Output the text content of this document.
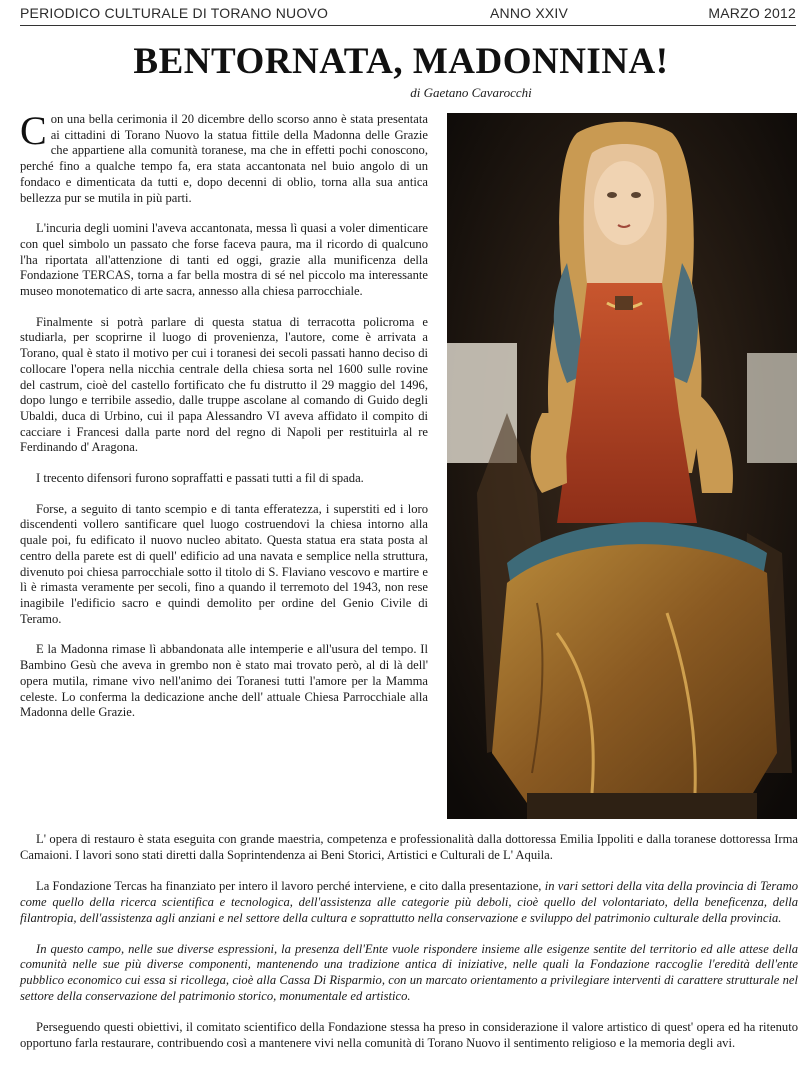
PERIODICO CULTURALE DI TORANO NUOVO	ANNO XXIV	MARZO 2012
BENTORNATA, MADONNINA!
di Gaetano Cavarocchi

Con una bella cerimonia il 20 dicembre dello scorso anno è stata presentata ai cittadini di Torano Nuovo la statua fittile della Madonna delle Grazie che appartiene alla comunità toranese, ma che in effetti pochi conoscono, perché fino a qualche tempo fa, era stata accantonata nel buio angolo di un fondaco e dimenticata da tutti e, dopo decenni di oblio, torna alla sua antica bellezza pur se mutila in più parti.

L'incuria degli uomini l'aveva accantonata, messa lì quasi a voler dimenticare con quel simbolo un passato che forse faceva paura, ma il ricordo di qualcuno l'ha riportata all'attenzione di tanti ed oggi, grazie alla munificenza della Fondazione TERCAS, torna a far bella mostra di sé nel piccolo ma interessante museo monotematico di arte sacra, annesso alla chiesa parrocchiale.

Finalmente si potrà parlare di questa statua di terracotta policroma e studiarla, per scoprirne il luogo di provenienza, l'autore, come è arrivata a Torano, qual è stato il motivo per cui i toranesi dei secoli passati hanno deciso di collocare l'opera nella nicchia centrale della chiesa sorta nel 1600 sulle rovine del castrum, cioè del castello fortificato che fu distrutto il 29 maggio del 1496, dopo lungo e terribile assedio, dalle truppe ascolane al comando di Guido degli Ubaldi, duca di Urbino, cui il papa Alessandro VI aveva affidato il compito di cacciare i Francesi dalla parte nord del regno di Napoli per restituirla al re Ferdinando d' Aragona.

I trecento difensori furono sopraffatti e passati tutti a fil di spada.

Forse, a seguito di tanto scempio e di tanta efferatezza, i superstiti ed i loro discendenti vollero santificare quel luogo costruendovi la chiesa intorno alla quale poi, fu edificato il nuovo nucleo abitato. Questa statua era stata posta al centro della parete est di quell' edificio ad una navata e semplice nella struttura, divenuto poi chiesa parrocchiale sotto il titolo di S. Flaviano vescovo e martire e lì è rimasta veramente per secoli, fino a quando il terremoto del 1943, non rese inagibile l'edificio sacro e quindi demolito per ordine del Genio Civile di Teramo.

E la Madonna rimase lì abbandonata alle intemperie e all'usura del tempo. Il Bambino Gesù che aveva in grembo non è stato mai trovato però, al di là dell' opera mutila, rimane vivo nell'animo dei Toranesi tutti l'amore per la Mamma celeste. Lo conferma la dedicazione anche dell' attuale Chiesa Parrocchiale alla Madonna delle Grazie.

L' opera di restauro è stata eseguita con grande maestria, competenza e professionalità dalla dottoressa Emilia Ippoliti e dalla toranese dottoressa Irma Camaioni. I lavori sono stati diretti dalla Soprintendenza ai Beni Storici, Artistici e Culturali de L' Aquila.

La Fondazione Tercas ha finanziato per intero il lavoro perché interviene, e cito dalla presentazione, in vari settori della vita della provincia di Teramo come quello della ricerca scientifica e tecnologica, dell'assistenza alle categorie più deboli, cioè quello del volontariato, della beneficenza, della filantropia, dell'assistenza agli anziani e nel settore della cultura e soprattutto nella conservazione e sviluppo del patrimonio culturale della provincia.

In questo campo, nelle sue diverse espressioni, la presenza dell'Ente vuole rispondere insieme alle esigenze sentite del territorio ed alle attese della comunità nelle sue più diverse componenti, mantenendo una tradizione antica di iniziative, nelle quali la Fondazione raccoglie l'eredità dell'ente pubblico economico cui essa si ricollega, cioè alla Cassa Di Risparmio, con un marcato orientamento a privilegiare interventi di carattere strutturale nel settore della conservazione del patrimonio storico, monumentale ed artistico.

Perseguendo questi obiettivi, il comitato scientifico della Fondazione stessa ha preso in considerazione il valore artistico di quest' opera ed ha ritenuto opportuno farla restaurare, contribuendo così a mantenere vivi nella comunità di Torano Nuovo il sentimento religioso e la memoria degli avi.
